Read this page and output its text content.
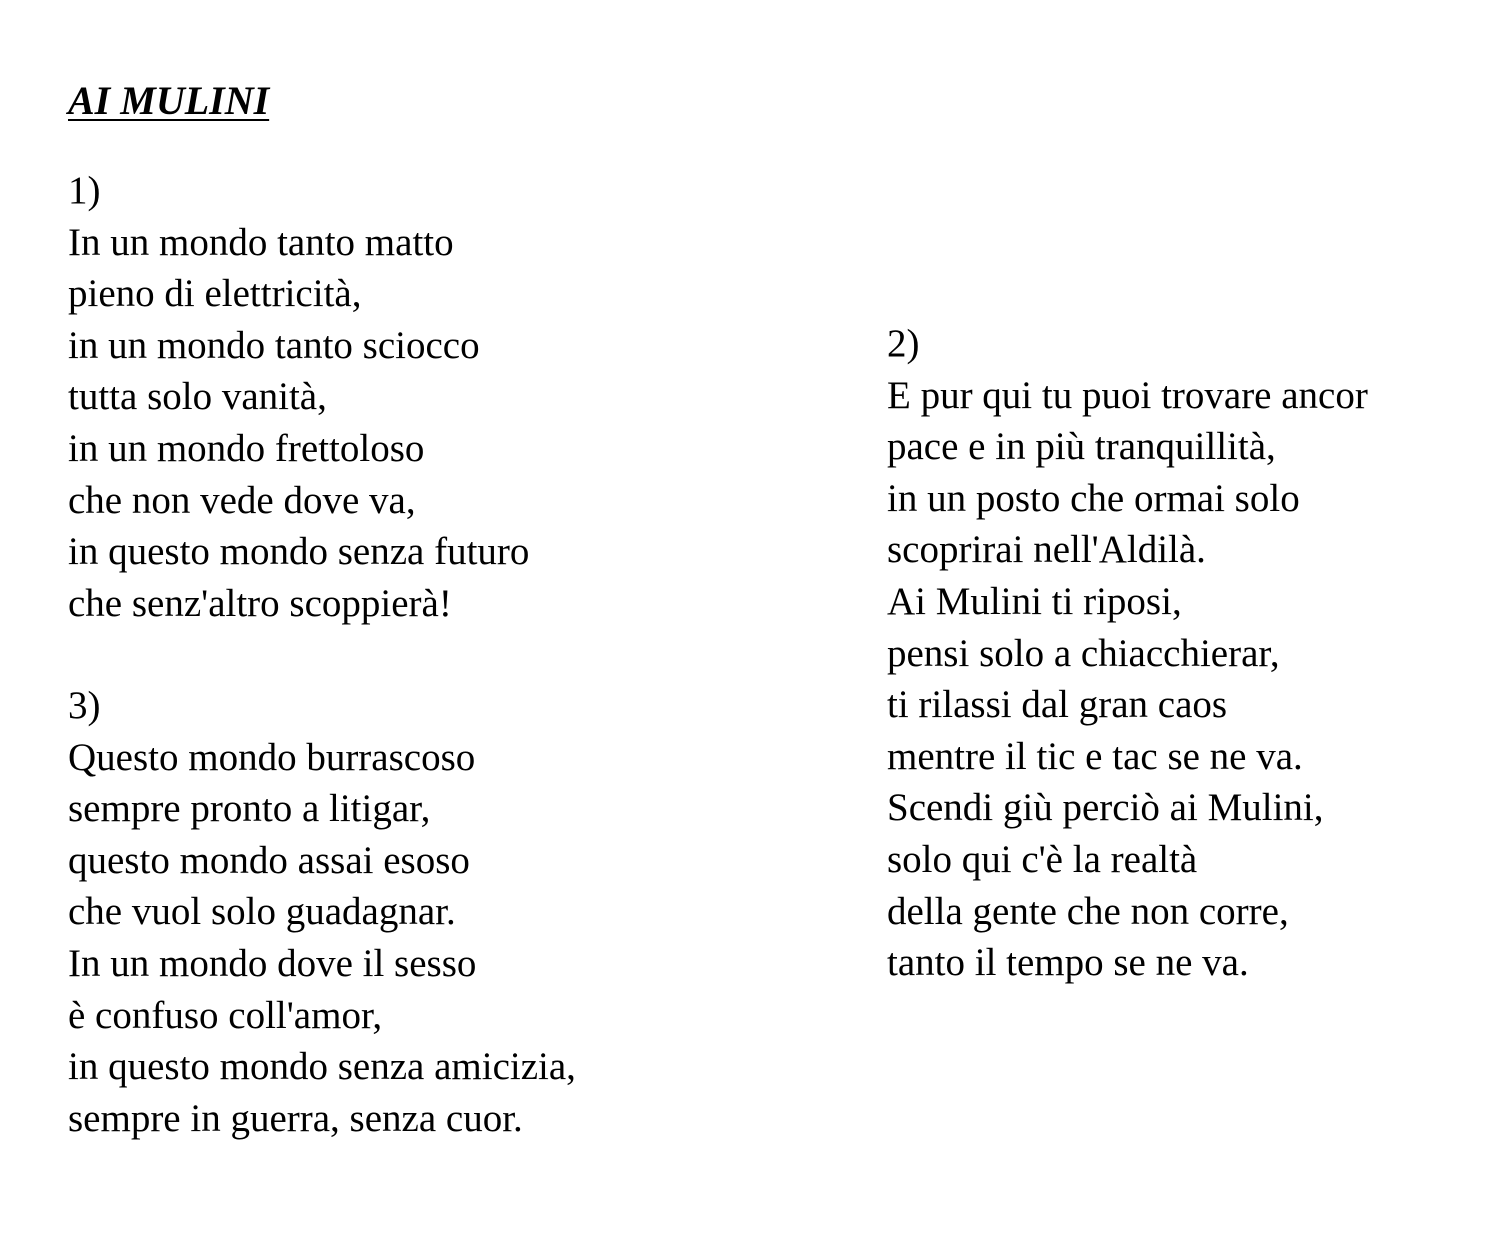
AI MULINI
1)
In un mondo tanto matto
pieno di elettricità,
in un mondo tanto sciocco
tutta solo vanità,
in un mondo frettoloso
che non vede dove va,
in questo mondo senza futuro
che senz'altro scoppierà!
2)
E pur qui tu puoi trovare ancor
pace e in più tranquillità,
in un posto che ormai solo
scoprirai nell'Aldilà.
Ai Mulini ti riposi,
pensi solo a chiacchierar,
ti rilassi dal gran caos
mentre il tic e tac se ne va.
Scendi giù perciò ai Mulini,
solo qui c'è la realtà
della gente che non corre,
tanto il tempo se ne va.
3)
Questo mondo burrascoso
sempre pronto a litigar,
questo mondo assai esoso
che vuol solo guadagnar.
In un mondo dove il sesso
è confuso coll'amor,
in questo mondo senza amicizia,
sempre in guerra, senza cuor.
